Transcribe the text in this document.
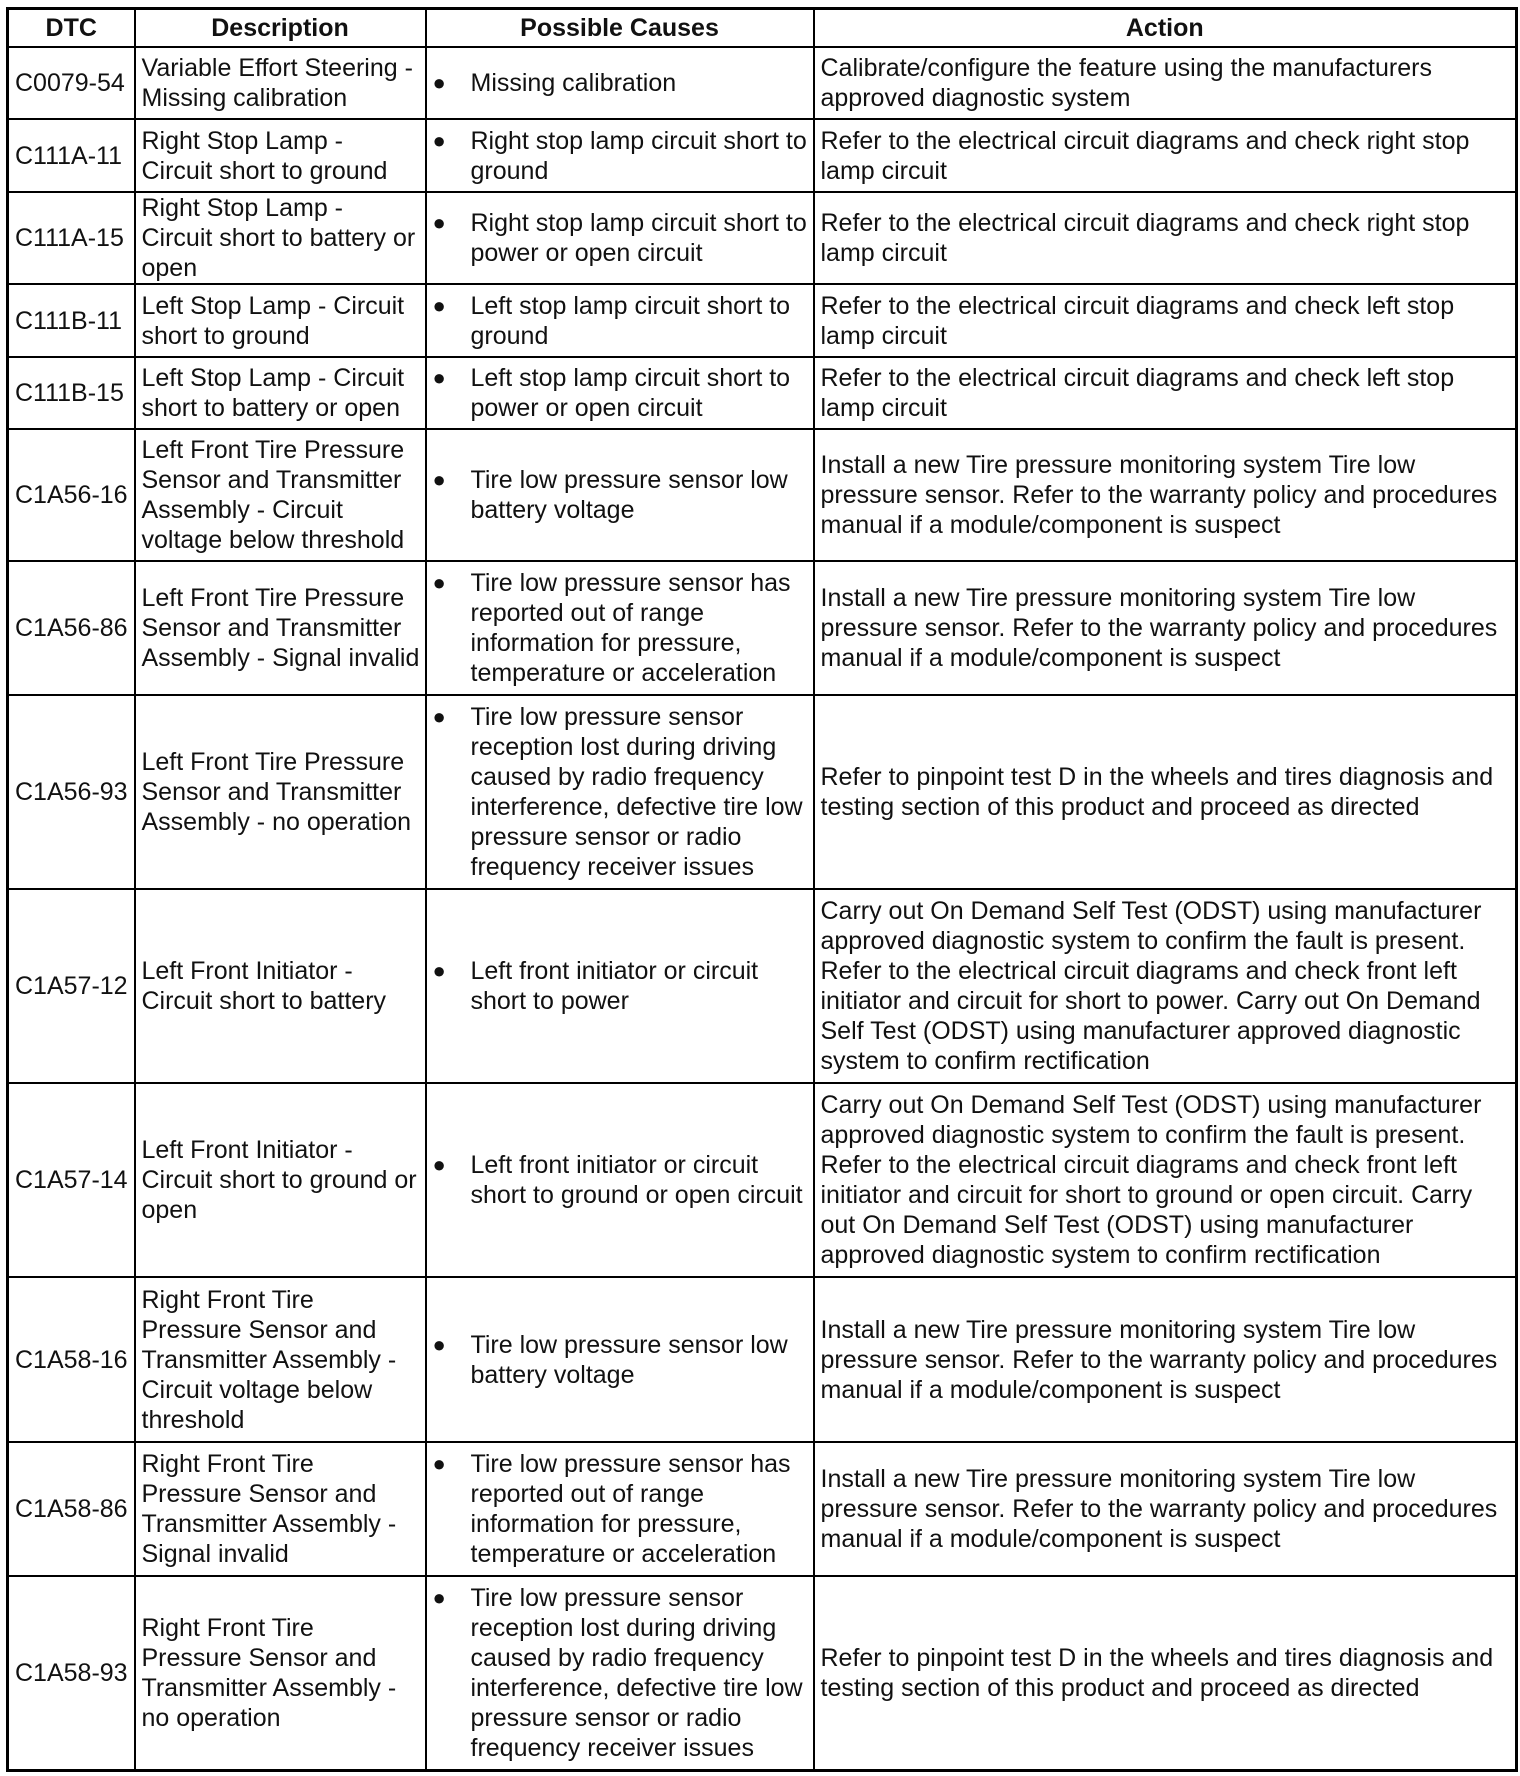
DTC	Description	Possible Causes	Action
C0079-54	Variable Effort Steering - Missing calibration	● Missing calibration	Calibrate/configure the feature using the manufacturers approved diagnostic system
C111A-11	Right Stop Lamp - Circuit short to ground	● Right stop lamp circuit short to ground	Refer to the electrical circuit diagrams and check right stop lamp circuit
C111A-15	Right Stop Lamp - Circuit short to battery or open	● Right stop lamp circuit short to power or open circuit	Refer to the electrical circuit diagrams and check right stop lamp circuit
C111B-11	Left Stop Lamp - Circuit short to ground	● Left stop lamp circuit short to ground	Refer to the electrical circuit diagrams and check left stop lamp circuit
C111B-15	Left Stop Lamp - Circuit short to battery or open	● Left stop lamp circuit short to power or open circuit	Refer to the electrical circuit diagrams and check left stop lamp circuit
C1A56-16	Left Front Tire Pressure Sensor and Transmitter Assembly - Circuit voltage below threshold	● Tire low pressure sensor low battery voltage	Install a new Tire pressure monitoring system Tire low pressure sensor. Refer to the warranty policy and procedures manual if a module/component is suspect
C1A56-86	Left Front Tire Pressure Sensor and Transmitter Assembly - Signal invalid	● Tire low pressure sensor has reported out of range information for pressure, temperature or acceleration	Install a new Tire pressure monitoring system Tire low pressure sensor. Refer to the warranty policy and procedures manual if a module/component is suspect
C1A56-93	Left Front Tire Pressure Sensor and Transmitter Assembly - no operation	● Tire low pressure sensor reception lost during driving caused by radio frequency interference, defective tire low pressure sensor or radio frequency receiver issues	Refer to pinpoint test D in the wheels and tires diagnosis and testing section of this product and proceed as directed
C1A57-12	Left Front Initiator - Circuit short to battery	● Left front initiator or circuit short to power	Carry out On Demand Self Test (ODST) using manufacturer approved diagnostic system to confirm the fault is present. Refer to the electrical circuit diagrams and check front left initiator and circuit for short to power. Carry out On Demand Self Test (ODST) using manufacturer approved diagnostic system to confirm rectification
C1A57-14	Left Front Initiator - Circuit short to ground or open	● Left front initiator or circuit short to ground or open circuit	Carry out On Demand Self Test (ODST) using manufacturer approved diagnostic system to confirm the fault is present. Refer to the electrical circuit diagrams and check front left initiator and circuit for short to ground or open circuit. Carry out On Demand Self Test (ODST) using manufacturer approved diagnostic system to confirm rectification
C1A58-16	Right Front Tire Pressure Sensor and Transmitter Assembly - Circuit voltage below threshold	● Tire low pressure sensor low battery voltage	Install a new Tire pressure monitoring system Tire low pressure sensor. Refer to the warranty policy and procedures manual if a module/component is suspect
C1A58-86	Right Front Tire Pressure Sensor and Transmitter Assembly - Signal invalid	● Tire low pressure sensor has reported out of range information for pressure, temperature or acceleration	Install a new Tire pressure monitoring system Tire low pressure sensor. Refer to the warranty policy and procedures manual if a module/component is suspect
C1A58-93	Right Front Tire Pressure Sensor and Transmitter Assembly - no operation	● Tire low pressure sensor reception lost during driving caused by radio frequency interference, defective tire low pressure sensor or radio frequency receiver issues	Refer to pinpoint test D in the wheels and tires diagnosis and testing section of this product and proceed as directed
